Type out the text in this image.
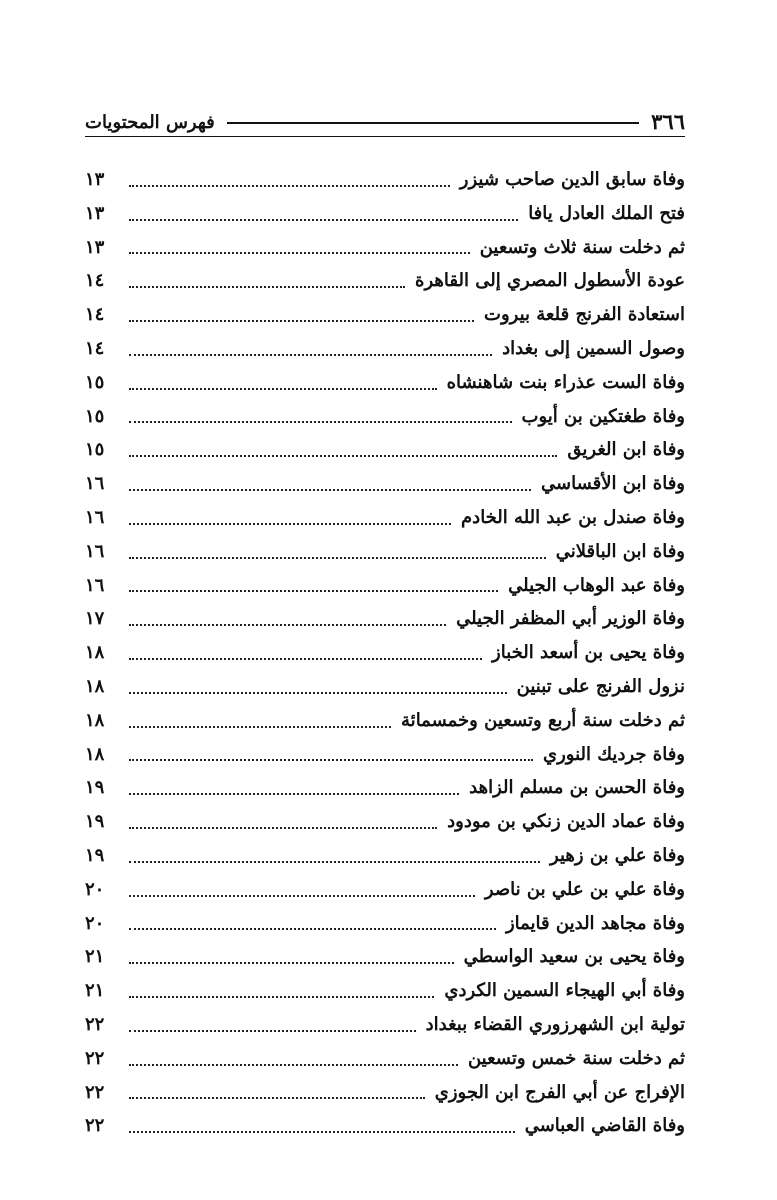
٣٦٦
فهرس المحتويات
وفاة سابق الدين صاحب شيزر
١٣
فتح الملك العادل يافا
١٣
ثم دخلت سنة ثلاث وتسعين
١٣
عودة الأسطول المصري إلى القاهرة
١٤
استعادة الفرنج قلعة بيروت
١٤
وصول السمين إلى بغداد
١٤
وفاة الست عذراء بنت شاهنشاه
١٥
وفاة طغتكين بن أيوب
١٥
وفاة ابن الغريق
١٥
وفاة ابن الأقساسي
١٦
وفاة صندل بن عبد الله الخادم
١٦
وفاة ابن الباقلاني
١٦
وفاة عبد الوهاب الجيلي
١٦
وفاة الوزير أبي المظفر الجيلي
١٧
وفاة يحيى بن أسعد الخباز
١٨
نزول الفرنج على تبنين
١٨
ثم دخلت سنة أربع وتسعين وخمسمائة
١٨
وفاة جرديك النوري
١٨
وفاة الحسن بن مسلم الزاهد
١٩
وفاة عماد الدين زنكي بن مودود
١٩
وفاة علي بن زهير
١٩
وفاة علي بن علي بن ناصر
٢٠
وفاة مجاهد الدين قايماز
٢٠
وفاة يحيى بن سعيد الواسطي
٢١
وفاة أبي الهيجاء السمين الكردي
٢١
تولية ابن الشهرزوري القضاء ببغداد
٢٢
ثم دخلت سنة خمس وتسعين
٢٢
الإفراج عن أبي الفرج ابن الجوزي
٢٢
وفاة القاضي العباسي
٢٢
